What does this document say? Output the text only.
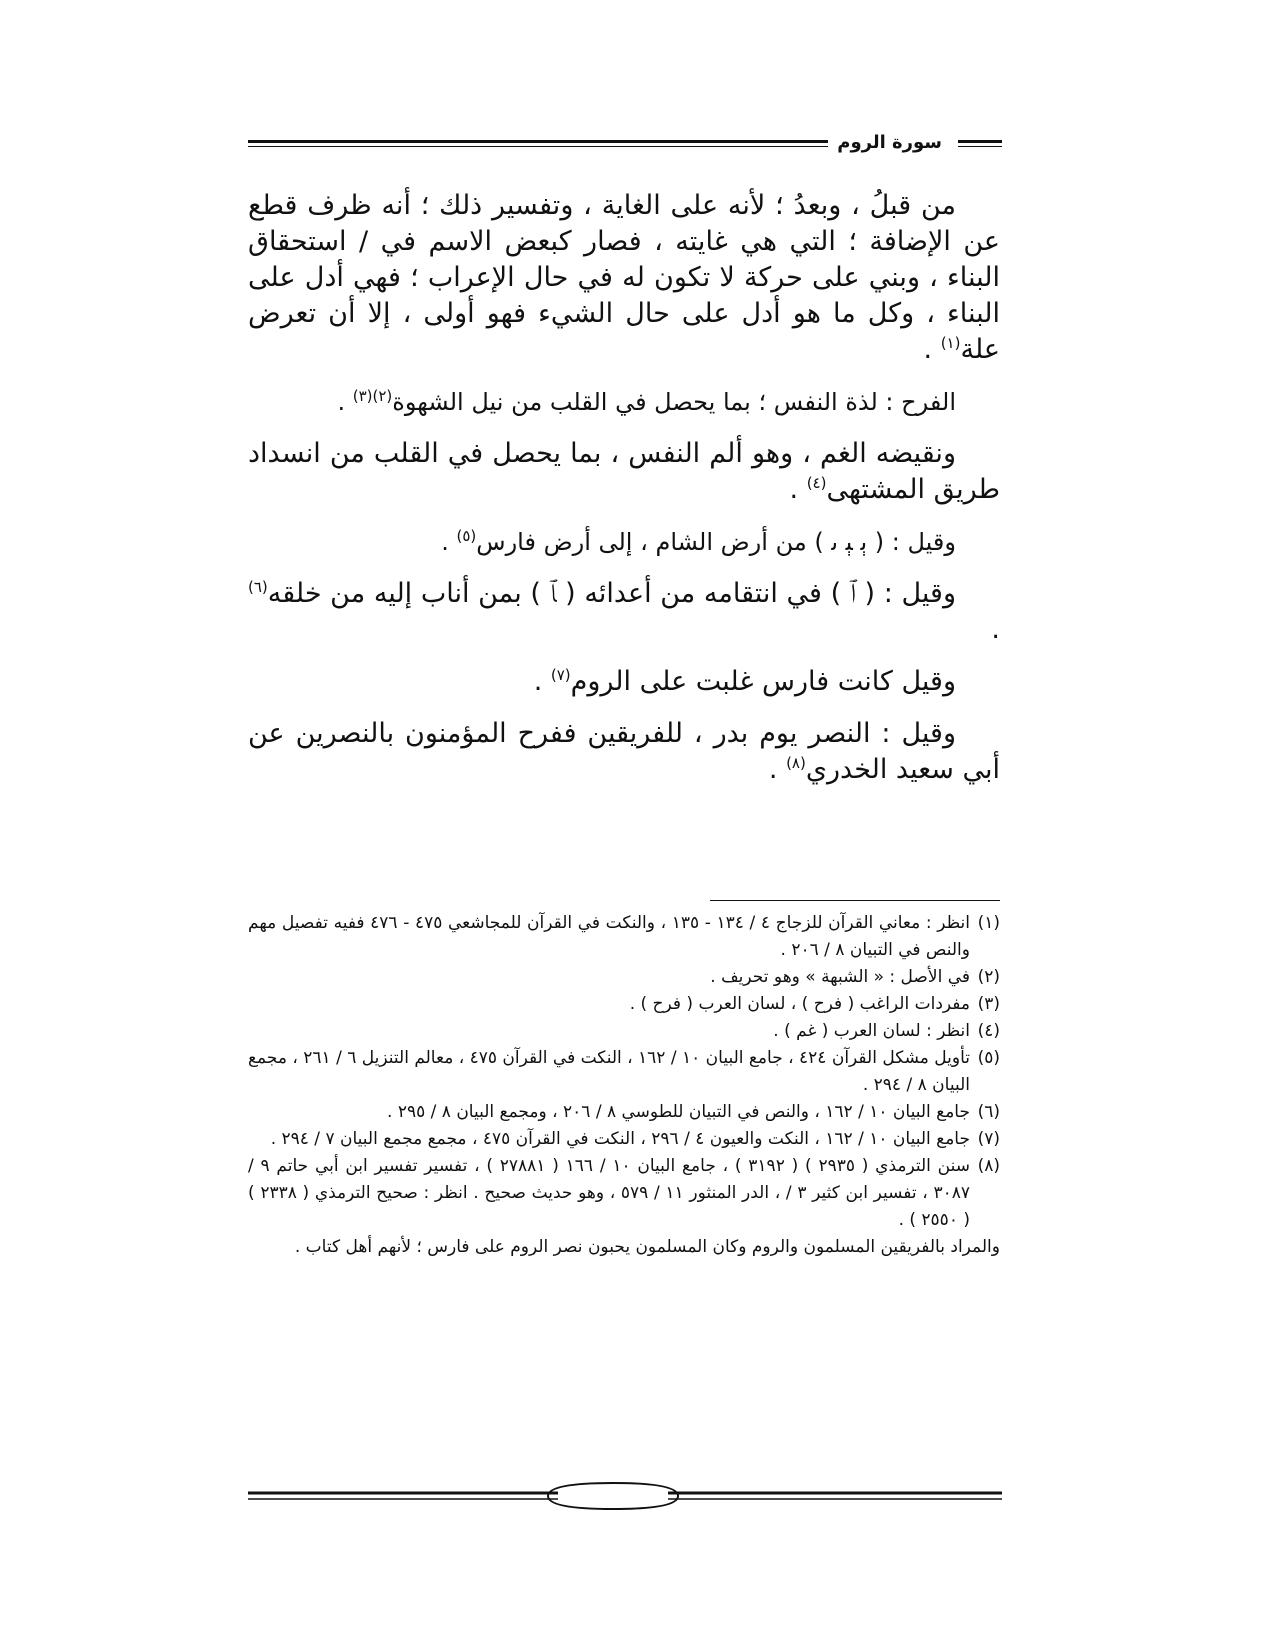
سورة الروم

من قبلُ ، وبعدُ ؛ لأنه على الغاية ، وتفسير ذلك ؛ أنه ظرف قطع عن الإضافة ؛ التي هي غايته ، فصار كبعض الاسم في / استحقاق البناء ، وبني على حركة لا تكون له في حال الإعراب ؛ فهي أدل على البناء ، وكل ما هو أدل على حال الشيء فهو أولى ، إلا أن تعرض علة$^{(١)}$ .

الفرح : لذة النفس ؛ بما يحصل في القلب من نيل الشهوة$^{(٢)(٣)}$ .

ونقيضه الغم ، وهو ألم النفس ، بما يحصل في القلب من انسداد طريق المشتهى$^{(٤)}$ .

وقيل : ( ﯦ ﯧ ﯨ ) من أرض الشام ، إلى أرض فارس$^{(٥)}$ .

وقيل : ( ﭐ ) في انتقامه من أعدائه ( ﭑ ) بمن أناب إليه من خلقه$^{(٦)}$ .

وقيل كانت فارس غلبت على الروم$^{(٧)}$ .

وقيل : النصر يوم بدر ، للفريقين ففرح المؤمنون بالنصرين عن أبي سعيد الخدري$^{(٨)}$ .

(١)انظر : معاني القرآن للزجاج ٤ / ١٣٤ - ١٣٥ ، والنكت في القرآن للمجاشعي ٤٧٥ - ٤٧٦ ففيه تفصيل مهم والنص في التبيان ٨ / ٢٠٦ .

(٢)في الأصل : « الشبهة » وهو تحريف .

(٣)مفردات الراغب ( فرح ) ، لسان العرب ( فرح ) .

(٤)انظر : لسان العرب ( غم ) .

(٥)تأويل مشكل القرآن ٤٢٤ ، جامع البيان ١٠ / ١٦٢ ، النكت في القرآن ٤٧٥ ، معالم التنزيل ٦ / ٢٦١ ، مجمع البيان ٨ / ٢٩٤ .

(٦)جامع البيان ١٠ / ١٦٢ ، والنص في التبيان للطوسي ٨ / ٢٠٦ ، ومجمع البيان ٨ / ٢٩٥ .

(٧)جامع البيان ١٠ / ١٦٢ ، النكت والعيون ٤ / ٢٩٦ ، النكت في القرآن ٤٧٥ ، مجمع مجمع البيان ٧ / ٢٩٤ .

(٨)سنن الترمذي ( ٢٩٣٥ ) ( ٣١٩٢ ) ، جامع البيان ١٠ / ١٦٦ ( ٢٧٨٨١ ) ، تفسير تفسير ابن أبي حاتم ٩ / ٣٠٨٧ ، تفسير ابن كثير ٣ / ، الدر المنثور ١١ / ٥٧٩ ، وهو حديث صحيح . انظر : صحيح الترمذي ( ٢٣٣٨ ) ( ٢٥٥٠ ) .

والمراد بالفريقين المسلمون والروم وكان المسلمون يحبون نصر الروم على فارس ؛ لأنهم أهل كتاب .
